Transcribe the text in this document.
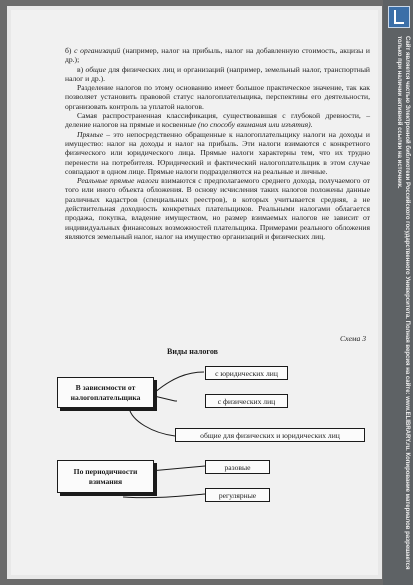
б) с организаций (например, налог на прибыль, налог на добавленную стоимость, акцизы и др.);

в) общие для физических лиц и организаций (например, земельный налог, транспортный налог и др.).

Разделение налогов по этому основанию имеет большое практическое значение, так как позволяет установить правовой статус налогоплательщика, перспективы его деятельности, организовать контроль за уплатой налогов.

Самая распространенная классификация, существовавшая с глубокой древности, – деление налогов на прямые и косвенные (по способу взимания или изъятия).

Прямые – это непосредственно обращенные к налогоплательщику налоги на доходы и имущество: налог на доходы и налог на прибыль. Эти налоги взимаются с конкретного физического или юридического лица. Прямые налоги характерны тем, что их трудно перенести на потребителя. Юридический и фактический налогоплательщик в этом случае совпадают в одном лице. Прямые налоги подразделяются на реальные и личные.

Реальные прямые налоги взимаются с предполагаемого среднего дохода, получаемого от того или иного объекта обложения. В основу исчисления таких налогов положены данные различных кадастров (специальных реестров), в которых учитывается средняя, а не действительная доходность конкретных плательщиков. Реальными налогами облагается продажа, покупка, владение имуществом, но размер взимаемых налогов не зависит от индивидуальных финансовых возможностей плательщика. Примерами реального обложения являются земельный налог, налог на имущество организаций и физических лиц.

Схема 3
Виды налогов
В зависимости от налогоплательщика
с юридических лиц
с физических лиц
общие для физических и юридических лиц
По периодичности взимания
разовые
регулярные	Сайт является частью Электронной библиотеки Российского государственного Университета. Полная версия на сайте: www.ELIBRARY.ru. Копирование материалов разрешается только при наличии активной ссылки на источник.
